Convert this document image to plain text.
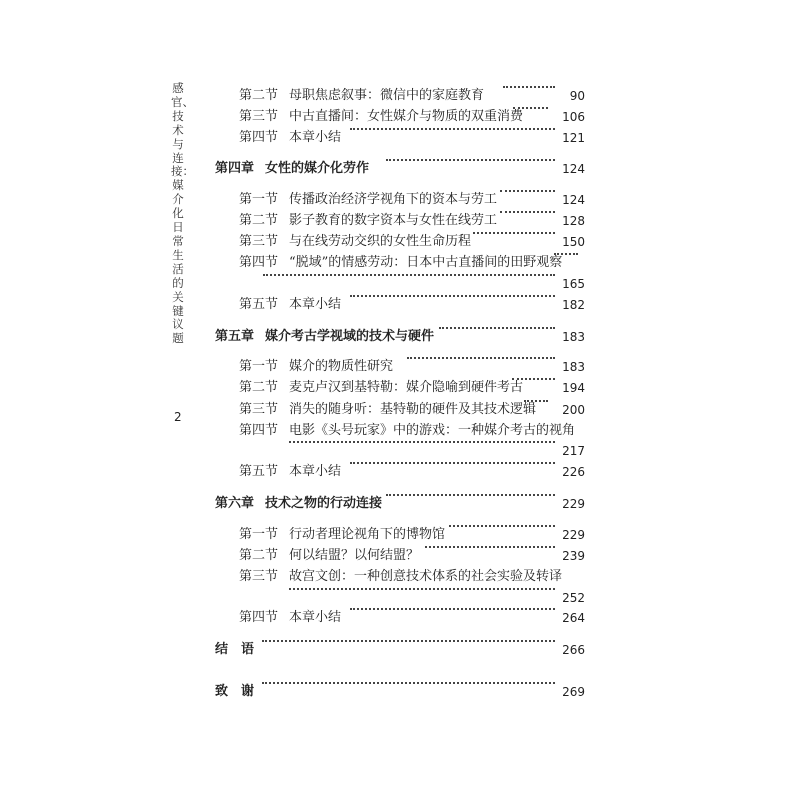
感官、技术与连接：媒介化日常生活的关键议题
2
第二节 母职焦虑叙事：微信中的家庭教育	90
第三节 中古直播间：女性媒介与物质的双重消费	106
第四节 本章小结	121
第四章 女性的媒介化劳作	124
第一节 传播政治经济学视角下的资本与劳工	124
第二节 影子教育的数字资本与女性在线劳工	128
第三节 与在线劳动交织的女性生命历程	150
第四节 “脱域”的情感劳动：日本中古直播间的田野观察
165
第五节 本章小结	182
第五章 媒介考古学视域的技术与硬件	183
第一节 媒介的物质性研究	183
第二节 麦克卢汉到基特勒：媒介隐喻到硬件考古	194
第三节 消失的随身听：基特勒的硬件及其技术逻辑 200
第四节 电影《头号玩家》中的游戏：一种媒介考古的视角
217
第五节 本章小结	226
第六章 技术之物的行动连接	229
第一节 行动者理论视角下的博物馆	229
第二节 何以结盟？以何结盟？	239
第三节 故宫文创：一种创意技术体系的社会实验及转译
252
第四节 本章小结	264
结　语	266
致　谢	269
